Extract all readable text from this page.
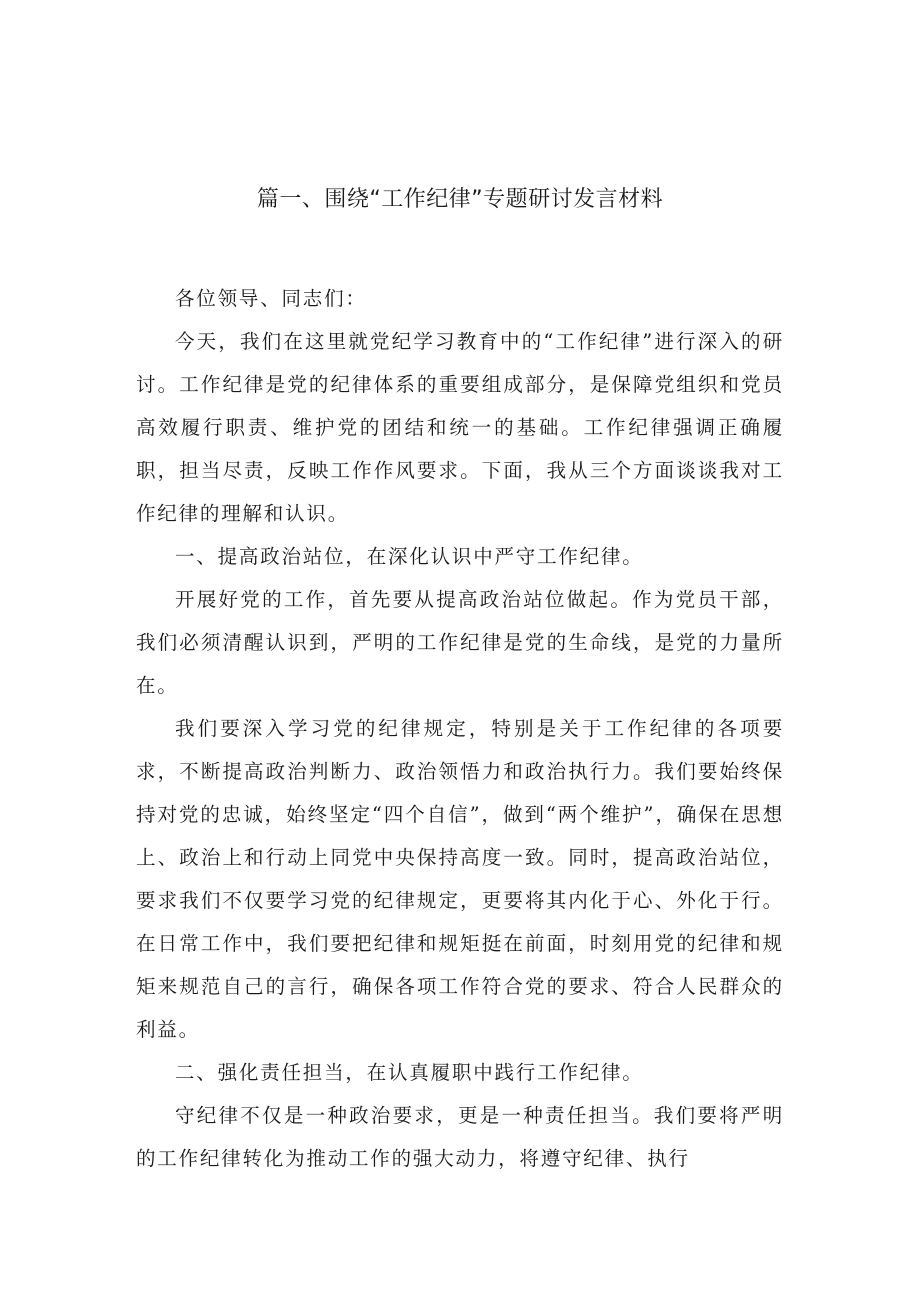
篇一、围绕“工作纪律”专题研讨发言材料

各位领导、同志们：

今天，我们在这里就党纪学习教育中的“工作纪律”进行深入的研讨。工作纪律是党的纪律体系的重要组成部分，是保障党组织和党员高效履行职责、维护党的团结和统一的基础。工作纪律强调正确履职，担当尽责，反映工作作风要求。下面，我从三个方面谈谈我对工作纪律的理解和认识。

一、提高政治站位，在深化认识中严守工作纪律。

开展好党的工作，首先要从提高政治站位做起。作为党员干部，我们必须清醒认识到，严明的工作纪律是党的生命线，是党的力量所在。

我们要深入学习党的纪律规定，特别是关于工作纪律的各项要求，不断提高政治判断力、政治领悟力和政治执行力。我们要始终保持对党的忠诚，始终坚定“四个自信”，做到“两个维护”，确保在思想上、政治上和行动上同党中央保持高度一致。同时，提高政治站位，要求我们不仅要学习党的纪律规定，更要将其内化于心、外化于行。在日常工作中，我们要把纪律和规矩挺在前面，时刻用党的纪律和规矩来规范自己的言行，确保各项工作符合党的要求、符合人民群众的利益。

二、强化责任担当，在认真履职中践行工作纪律。

守纪律不仅是一种政治要求，更是一种责任担当。我们要将严明的工作纪律转化为推动工作的强大动力，将遵守纪律、执行
